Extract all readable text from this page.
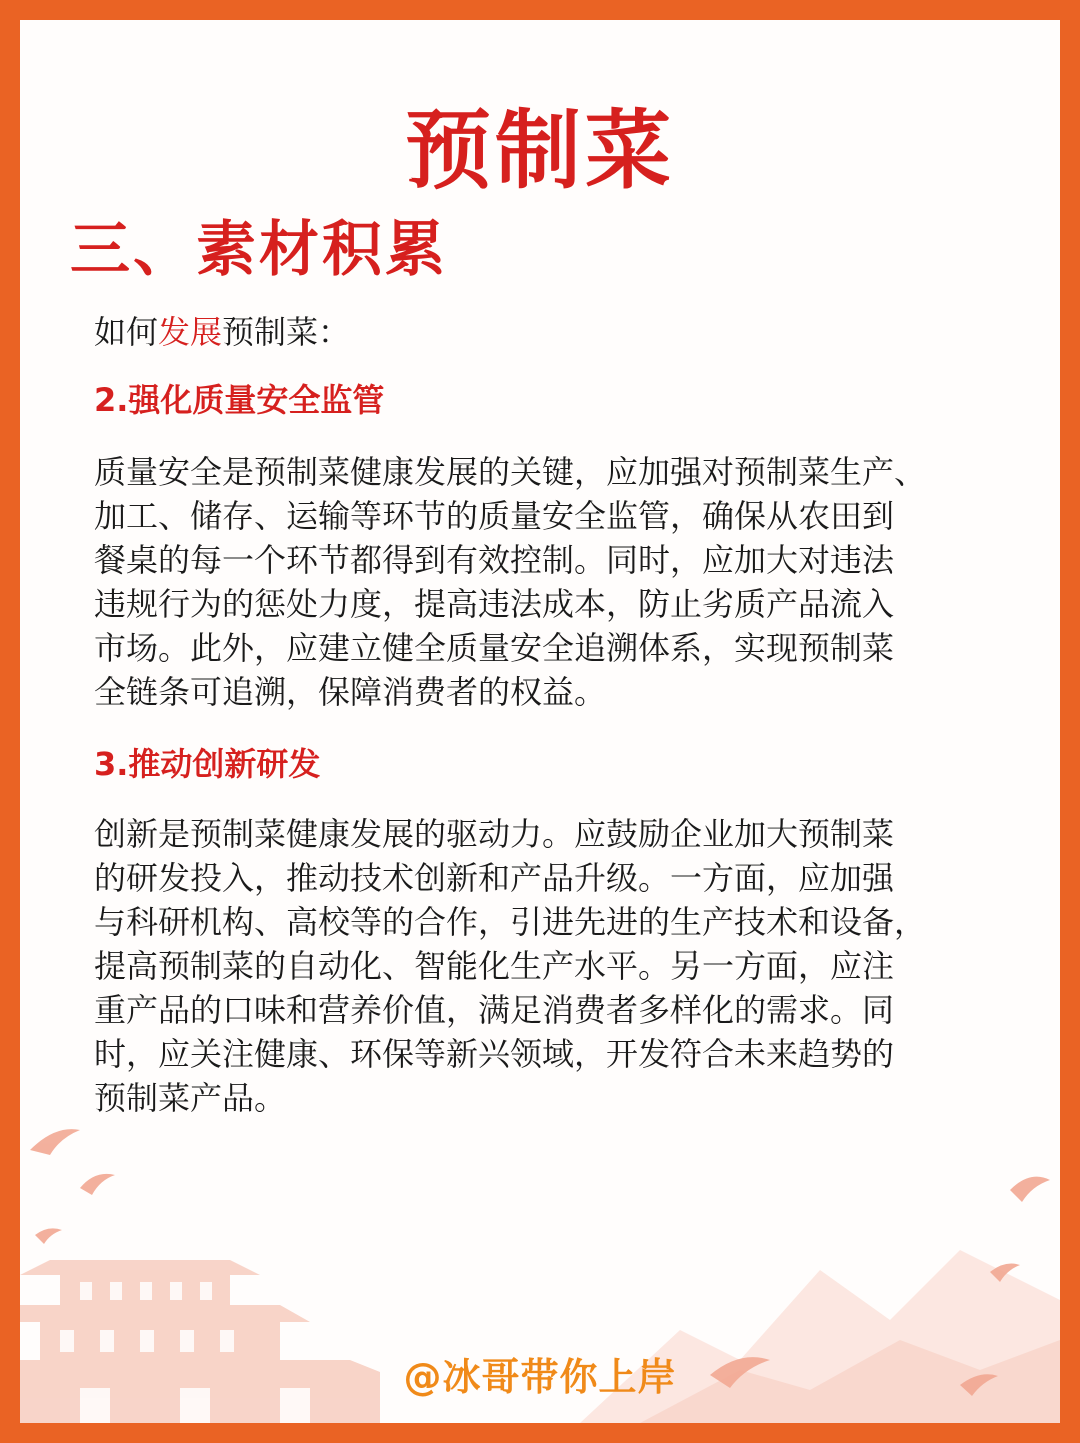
预制菜
三、素材积累
如何发展预制菜：
2.强化质量安全监管
质量安全是预制菜健康发展的关键，应加强对预制菜生产、
加工、储存、运输等环节的质量安全监管，确保从农田到
餐桌的每一个环节都得到有效控制。同时，应加大对违法
违规行为的惩处力度，提高违法成本，防止劣质产品流入
市场。此外，应建立健全质量安全追溯体系，实现预制菜
全链条可追溯，保障消费者的权益。
3.推动创新研发
创新是预制菜健康发展的驱动力。应鼓励企业加大预制菜
的研发投入，推动技术创新和产品升级。一方面，应加强
与科研机构、高校等的合作，引进先进的生产技术和设备，
提高预制菜的自动化、智能化生产水平。另一方面，应注
重产品的口味和营养价值，满足消费者多样化的需求。同
时，应关注健康、环保等新兴领域，开发符合未来趋势的
预制菜产品。
@冰哥带你上岸
